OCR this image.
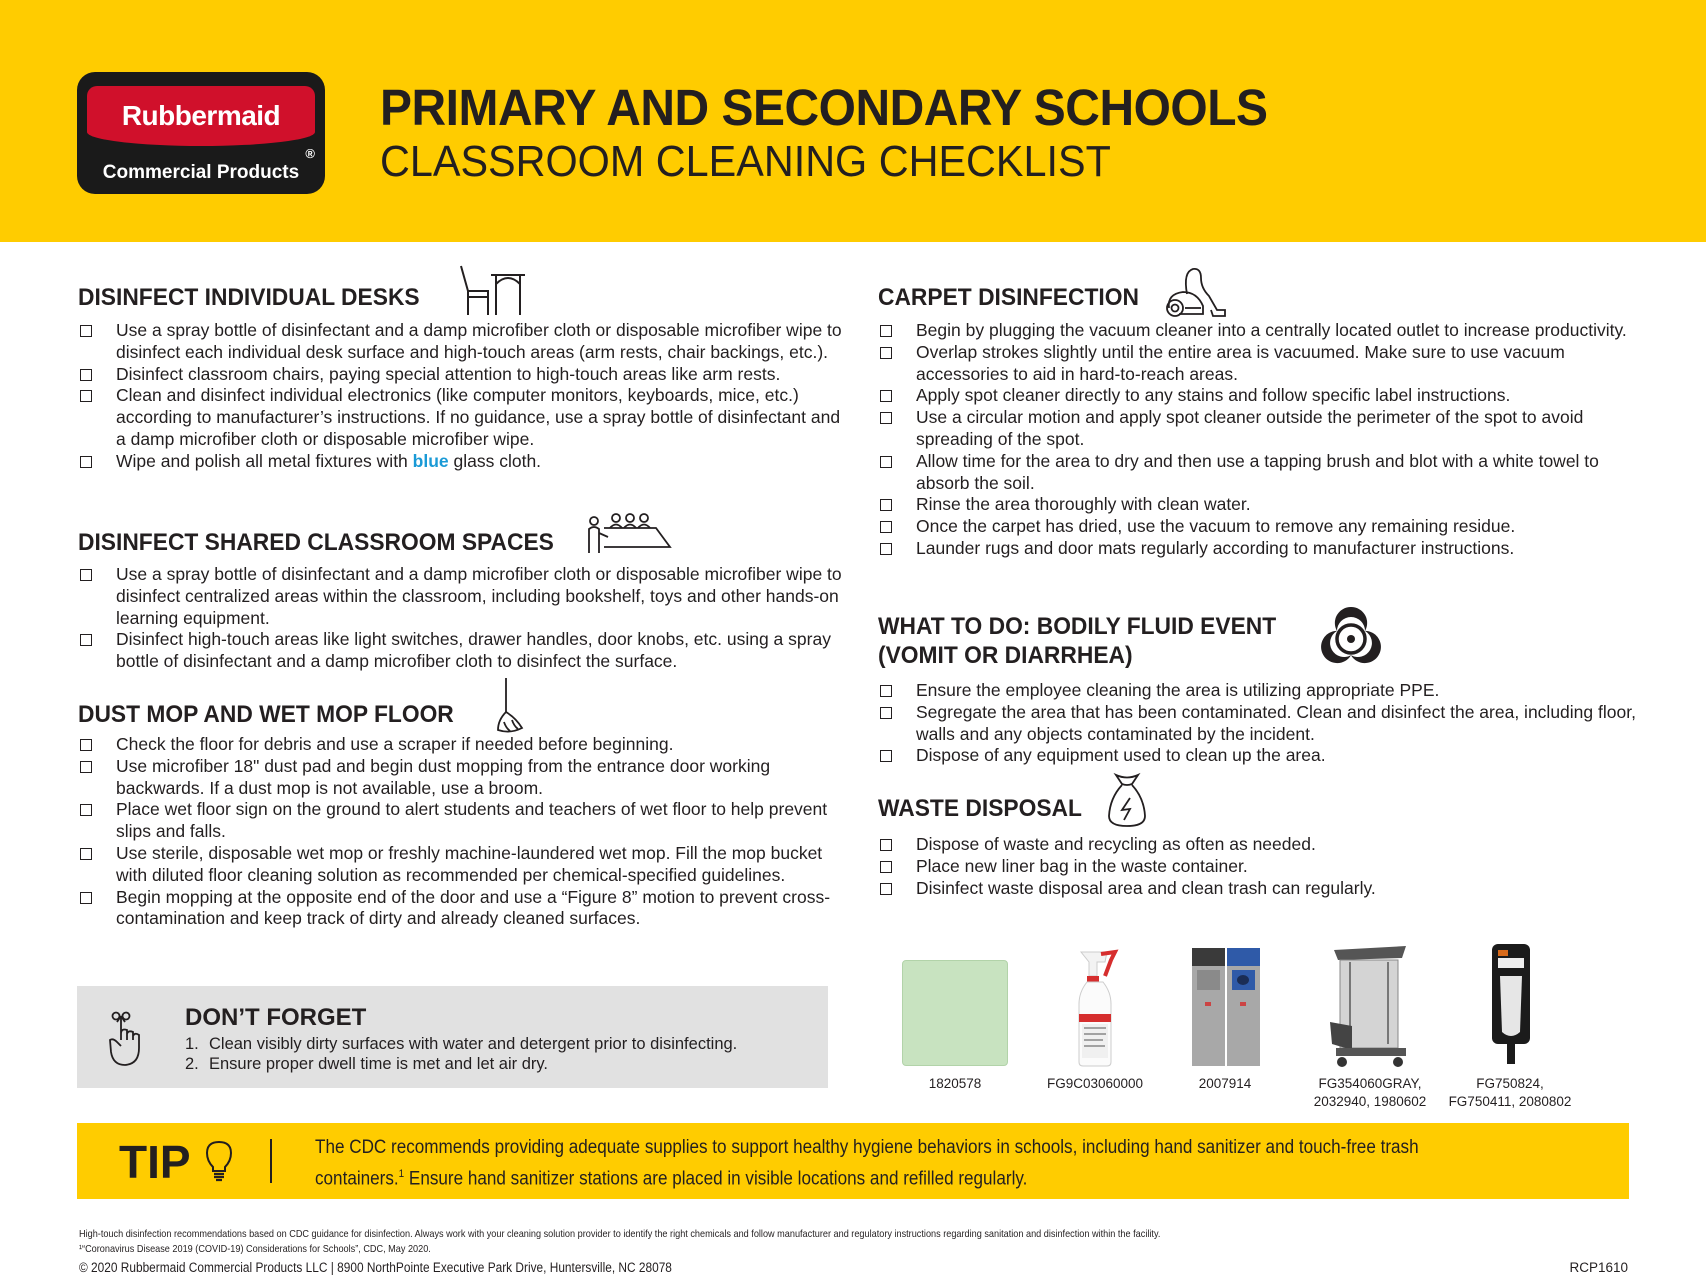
Rubbermaid
®
Commercial Products
PRIMARY AND SECONDARY SCHOOLS
CLASSROOM CLEANING CHECKLIST
DISINFECT INDIVIDUAL DESKS
Use a spray bottle of disinfectant and a damp microfiber cloth or disposable microfiber wipe to disinfect each individual desk surface and high-touch areas (arm rests, chair backings, etc.).
Disinfect classroom chairs, paying special attention to high-touch areas like arm rests.
Clean and disinfect individual electronics (like computer monitors, keyboards, mice, etc.) according to manufacturer’s instructions. If no guidance, use a spray bottle of disinfectant and a damp microfiber cloth or disposable microfiber wipe.
Wipe and polish all metal fixtures with blue glass cloth.
DISINFECT SHARED CLASSROOM SPACES
Use a spray bottle of disinfectant and a damp microfiber cloth or disposable microfiber wipe to disinfect centralized areas within the classroom, including bookshelf, toys and other hands-on learning equipment.
Disinfect high-touch areas like light switches, drawer handles, door knobs, etc. using a spray bottle of disinfectant and a damp microfiber cloth to disinfect the surface.
DUST MOP AND WET MOP FLOOR
Check the floor for debris and use a scraper if needed before beginning.
Use microfiber 18" dust pad and begin dust mopping from the entrance door working backwards. If a dust mop is not available, use a broom.
Place wet floor sign on the ground to alert students and teachers of wet floor to help prevent slips and falls.
Use sterile, disposable wet mop or freshly machine-laundered wet mop. Fill the mop bucket with diluted floor cleaning solution as recommended per chemical-specified guidelines.
Begin mopping at the opposite end of the door and use a “Figure 8” motion to prevent cross-contamination and keep track of dirty and already cleaned surfaces.
DON’T FORGET
1. Clean visibly dirty surfaces with water and detergent prior to disinfecting.
2. Ensure proper dwell time is met and let air dry.
CARPET DISINFECTION
Begin by plugging the vacuum cleaner into a centrally located outlet to increase productivity.
Overlap strokes slightly until the entire area is vacuumed. Make sure to use vacuum accessories to aid in hard-to-reach areas.
Apply spot cleaner directly to any stains and follow specific label instructions.
Use a circular motion and apply spot cleaner outside the perimeter of the spot to avoid spreading of the spot.
Allow time for the area to dry and then use a tapping brush and blot with a white towel to absorb the soil.
Rinse the area thoroughly with clean water.
Once the carpet has dried, use the vacuum to remove any remaining residue.
Launder rugs and door mats regularly according to manufacturer instructions.
WHAT TO DO: BODILY FLUID EVENT
(VOMIT OR DIARRHEA)
Ensure the employee cleaning the area is utilizing appropriate PPE.
Segregate the area that has been contaminated. Clean and disinfect the area, including floor, walls and any objects contaminated by the incident.
Dispose of any equipment used to clean up the area.
WASTE DISPOSAL
Dispose of waste and recycling as often as needed.
Place new liner bag in the waste container.
Disinfect waste disposal area and clean trash can regularly.
1820578	FG9C03060000	2007914	FG354060GRAY,
2032940, 1980602
FG750824,
FG750411, 2080802
TIP	The CDC recommends providing adequate supplies to support healthy hygiene behaviors in schools, including hand sanitizer and touch-free trash containers.$^1$ Ensure hand sanitizer stations are placed in visible locations and refilled regularly.
High-touch disinfection recommendations based on CDC guidance for disinfection. Always work with your cleaning solution provider to identify the right chemicals and follow manufacturer and regulatory instructions regarding sanitation and disinfection within the facility.
¹“Coronavirus Disease 2019 (COVID-19) Considerations for Schools”, CDC, May 2020.
© 2020 Rubbermaid Commercial Products LLC | 8900 NorthPointe Executive Park Drive, Huntersville, NC 28078	RCP1610
